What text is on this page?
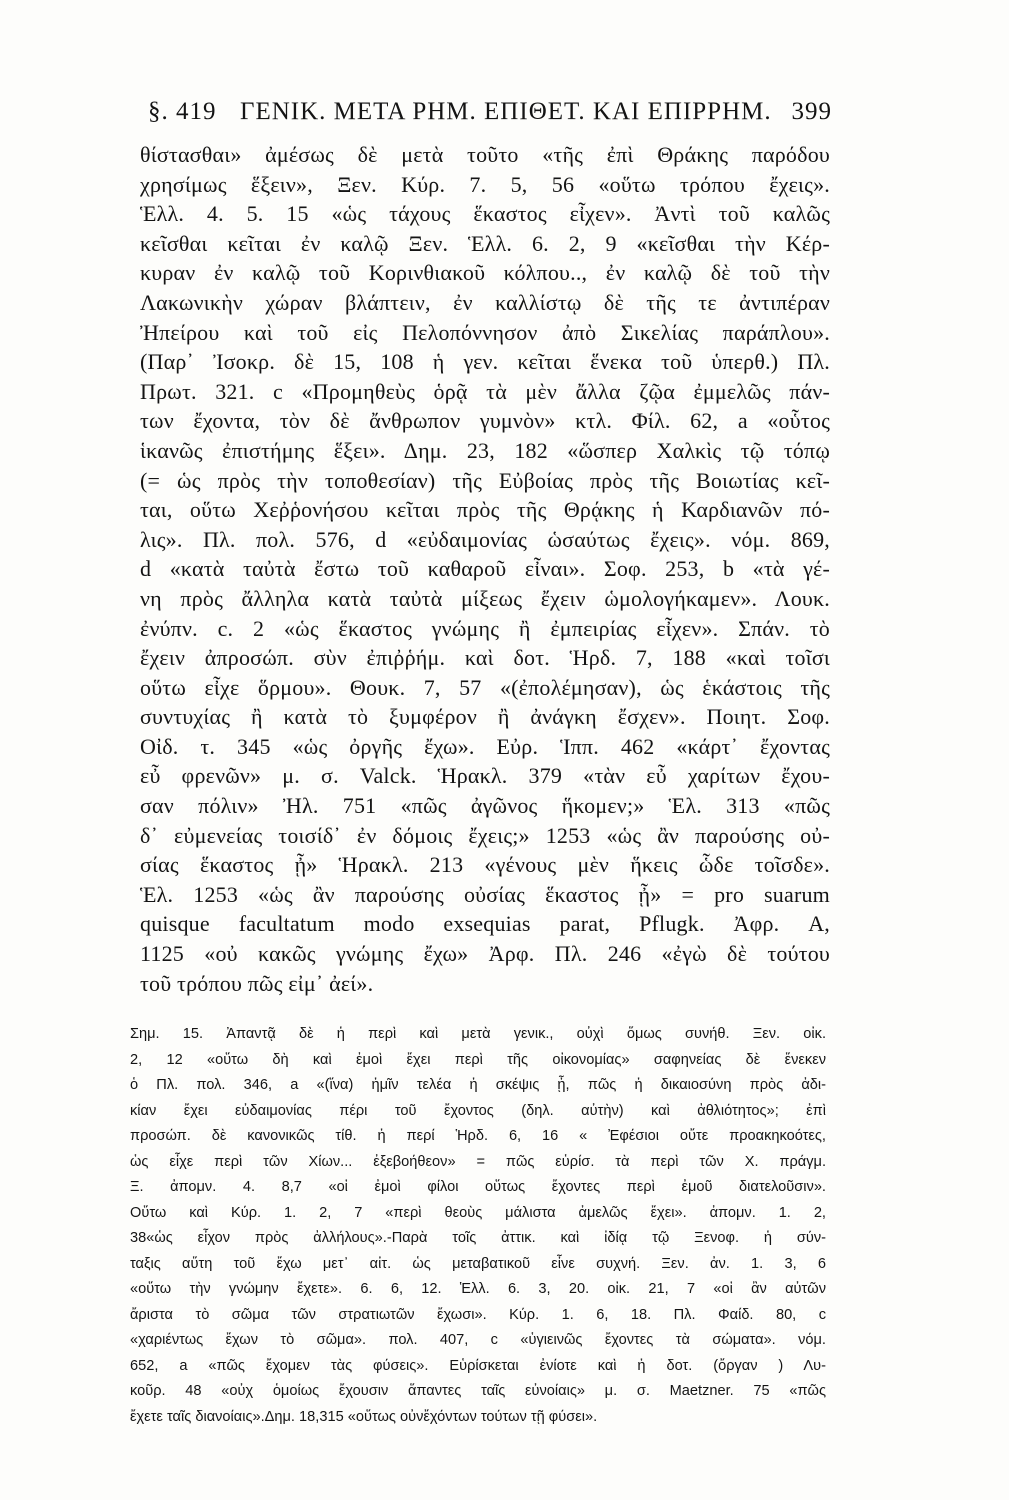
§. 419 ΓΕΝΙΚ. ΜΕΤΑ ΡΗΜ. ΕΠΙΘΕΤ. ΚΑΙ ΕΠΙΡΡΗΜ. 399
θίστασθαι» ἀμέσως δὲ μετὰ τοῦτο «τῆς ἐπὶ Θράκης παρόδου
χρησίμως ἕξειν», Ξεν. Κύρ. 7. 5, 56 «οὕτω τρόπου ἔχεις».
Ἑλλ. 4. 5. 15 «ὡς τάχους ἕκαστος εἶχεν». Ἀντὶ τοῦ καλῶς
κεῖσθαι κεῖται ἐν καλῷ Ξεν. Ἑλλ. 6. 2, 9 «κεῖσθαι τὴν Κέρ-
κυραν ἐν καλῷ τοῦ Κορινθιακοῦ κόλπου.., ἐν καλῷ δὲ τοῦ τὴν
Λακωνικὴν χώραν βλάπτειν, ἐν καλλίστῳ δὲ τῆς τε ἀντιπέραν
Ἠπείρου καὶ τοῦ εἰς Πελοπόννησον ἀπὸ Σικελίας παράπλου».
(Παρ᾽ Ἰσοκρ. δὲ 15, 108 ἡ γεν. κεῖται ἕνεκα τοῦ ὑπερθ.) Πλ.
Πρωτ. 321. c «Προμηθεὺς ὁρᾷ τὰ μὲν ἄλλα ζῷα ἐμμελῶς πάν-
των ἔχοντα, τὸν δὲ ἄνθρωπον γυμνὸν» κτλ. Φίλ. 62, a «οὗτος
ἱκανῶς ἐπιστήμης ἕξει». Δημ. 23, 182 «ὥσπερ Χαλκὶς τῷ τόπῳ
(= ὡς πρὸς τὴν τοποθεσίαν) τῆς Εὐβοίας πρὸς τῆς Βοιωτίας κεῖ-
ται, οὕτω Χεῤῥονήσου κεῖται πρὸς τῆς Θρᾴκης ἡ Καρδιανῶν πό-
λις». Πλ. πολ. 576, d «εὐδαιμονίας ὡσαύτως ἔχεις». νόμ. 869,
d «κατὰ ταὐτὰ ἔστω τοῦ καθαροῦ εἶναι». Σοφ. 253, b «τὰ γέ-
νη πρὸς ἄλληλα κατὰ ταὐτὰ μίξεως ἔχειν ὡμολογήκαμεν». Λουκ.
ἐνύπν. c. 2 «ὡς ἕκαστος γνώμης ἢ ἐμπειρίας εἶχεν». Σπάν. τὸ
ἔχειν ἀπροσώπ. σὺν ἐπιῤῥήμ. καὶ δοτ. Ἡρδ. 7, 188 «καὶ τοῖσι
οὕτω εἶχε ὅρμου». Θουκ. 7, 57 «(ἐπολέμησαν), ὡς ἑκάστοις τῆς
συντυχίας ἢ κατὰ τὸ ξυμφέρον ἢ ἀνάγκη ἔσχεν». Ποιητ. Σοφ.
Οἰδ. τ. 345 «ὡς ὀργῆς ἔχω». Εὐρ. Ἱππ. 462 «κάρτ᾽ ἔχοντας
εὖ φρενῶν» μ. σ. Valck. Ἡρακλ. 379 «τὰν εὖ χαρίτων ἔχου-
σαν πόλιν» Ἠλ. 751 «πῶς ἀγῶνος ἥκομεν;» Ἑλ. 313 «πῶς
δ᾽ εὐμενείας τοισίδ᾽ ἐν δόμοις ἔχεις;» 1253 «ὡς ἂν παρούσης οὐ-
σίας ἕκαστος ᾖ» Ἡρακλ. 213 «γένους μὲν ἥκεις ὧδε τοῖσδε».
Ἑλ. 1253 «ὡς ἂν παρούσης οὐσίας ἕκαστος ᾖ» = pro suarum
quisque facultatum modo exsequias parat, Pflugk. Ἀφρ. A,
1125 «οὐ κακῶς γνώμης ἔχω» Ἀρφ. Πλ. 246 «ἐγὼ δὲ τούτου
τοῦ τρόπου πῶς εἰμ᾽ ἀεί».
Σημ. 15. Ἀπαντᾷ δὲ ἡ περὶ καὶ μετὰ γενικ., οὐχὶ ὅμως συνήθ. Ξεν. οἰκ.
2, 12 «οὕτω δὴ καὶ ἐμοὶ ἔχει περὶ τῆς οἰκονομίας» σαφηνείας δὲ ἕνεκεν
ὁ Πλ. πολ. 346, a «(ἵνα) ἡμῖν τελέα ἡ σκέψις ᾖ, πῶς ἡ δικαιοσύνη πρὸς ἀδι-
κίαν ἔχει εὐδαιμονίας πέρι τοῦ ἔχοντος (δηλ. αὐτὴν) καὶ ἀθλιότητος»; ἐπὶ
προσώπ. δὲ κανονικῶς τίθ. ἡ περί Ἡρδ. 6, 16 « Ἐφέσιοι οὔτε προακηκοότες,
ὡς εἶχε περὶ τῶν Χίων... ἐξεβοήθεον» = πῶς εὑρίσ. τὰ περὶ τῶν Χ. πράγμ.
Ξ. ἀπομν. 4. 8,7 «οἱ ἐμοὶ φίλοι οὕτως ἔχοντες περὶ ἐμοῦ διατελοῦσιν».
Οὕτω καὶ Κύρ. 1. 2, 7 «περὶ θεοὺς μάλιστα ἀμελῶς ἔχει». ἀπομν. 1. 2,
38«ὡς εἶχον πρὸς ἀλλήλους».-Παρὰ τοῖς ἀττικ. καὶ ἰδίᾳ τῷ Ξενοφ. ἡ σύν-
ταξις αὕτη τοῦ ἔχω μετ᾽ αἰτ. ὡς μεταβατικοῦ εἶνε συχνή. Ξεν. ἀν. 1. 3, 6
«οὕτω τὴν γνώμην ἔχετε». 6. 6, 12. Ἑλλ. 6. 3, 20. οἰκ. 21, 7 «οἱ ἂν αὐτῶν
ἄριστα τὸ σῶμα τῶν στρατιωτῶν ἔχωσι». Κύρ. 1. 6, 18. Πλ. Φαίδ. 80, c
«χαριέντως ἔχων τὸ σῶμα». πολ. 407, c «ὑγιεινῶς ἔχοντες τὰ σώματα». νόμ.
652, a «πῶς ἔχομεν τὰς φύσεις». Εὑρίσκεται ἐνίοτε καὶ ἡ δοτ. (ὄργαν ) Λυ-
κοῦρ. 48 «οὐχ ὁμοίως ἔχουσιν ἅπαντες ταῖς εὐνοίαις» μ. σ. Maetzner. 75 «πῶς
ἔχετε ταῖς διανοίαις».Δημ. 18,315 «οὕτως οὐνἔχόντων τούτων τῇ φύσει».
